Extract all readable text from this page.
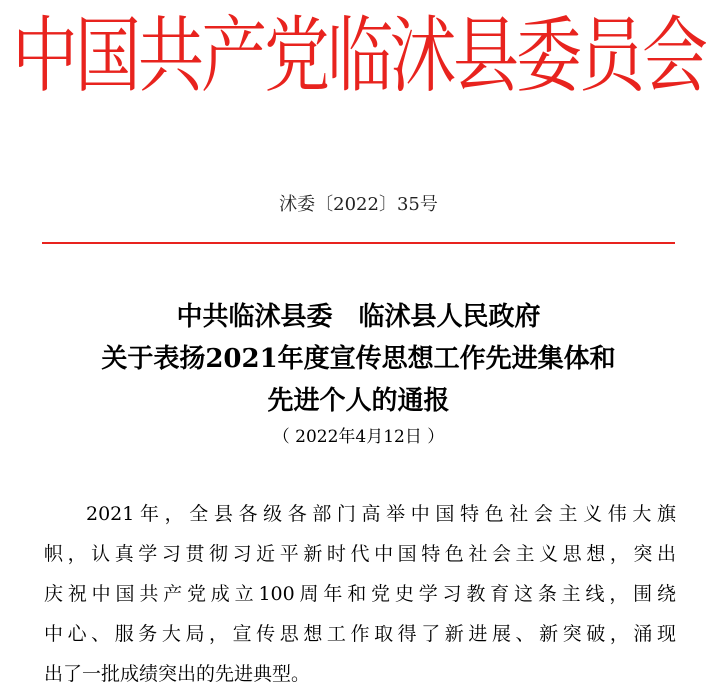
中国共产党临沭县委员会
沭委〔2022〕35号
中共临沭县委　临沭县人民政府
关于表扬2021年度宣传思想工作先进集体和
先进个人的通报
（ 2022年4月12日 ）
2021年，全县各级各部门高举中国特色社会主义伟大旗
帜，认真学习贯彻习近平新时代中国特色社会主义思想，突出
庆祝中国共产党成立100周年和党史学习教育这条主线，围绕
中心、服务大局，宣传思想工作取得了新进展、新突破，涌现
出了一批成绩突出的先进典型。
